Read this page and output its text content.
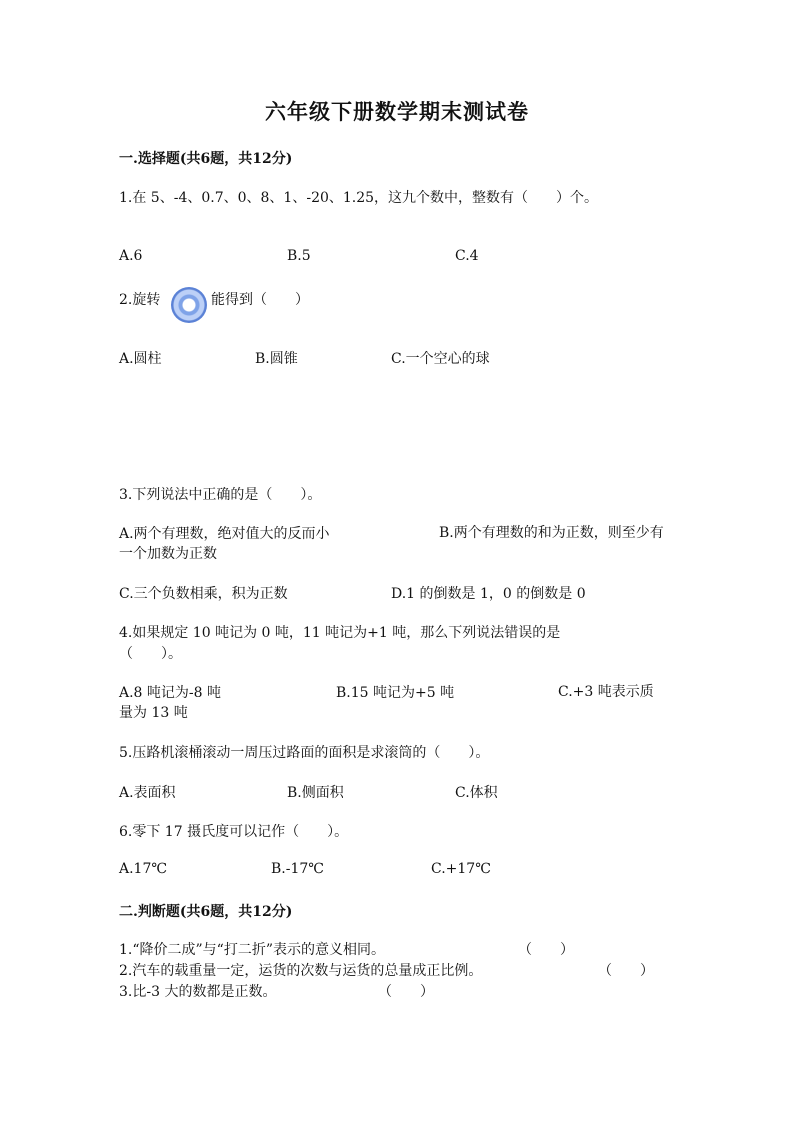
六年级下册数学期末测试卷
一.选择题(共6题，共12分)
1.在 5、-4、0.7、0、8、1、-20、1.25，这九个数中，整数有（　　）个。
A.6	B.5	C.4
2.旋转	能得到（　　）
A.圆柱	B.圆锥	C.一个空心的球
3.下列说法中正确的是（　　）。
A.两个有理数，绝对值大的反而小	B.两个有理数的和为正数，则至少有一个加数为正数
C.三个负数相乘，积为正数	D.1 的倒数是 1，0 的倒数是 0
4.如果规定 10 吨记为 0 吨，11 吨记为+1 吨，那么下列说法错误的是（　　）。
A.8 吨记为-8 吨	B.15 吨记为+5 吨	C.+3 吨表示质量为 13 吨
5.压路机滚桶滚动一周压过路面的面积是求滚筒的（　　）。
A.表面积	B.侧面积	C.体积
6.零下 17 摄氏度可以记作（　　）。
A.17℃	B.-17℃	C.+17℃
二.判断题(共6题，共12分)
1.“降价二成”与“打二折”表示的意义相同。	（　　）
2.汽车的载重量一定，运货的次数与运货的总量成正比例。	（　　）
3.比-3 大的数都是正数。	（　　）
